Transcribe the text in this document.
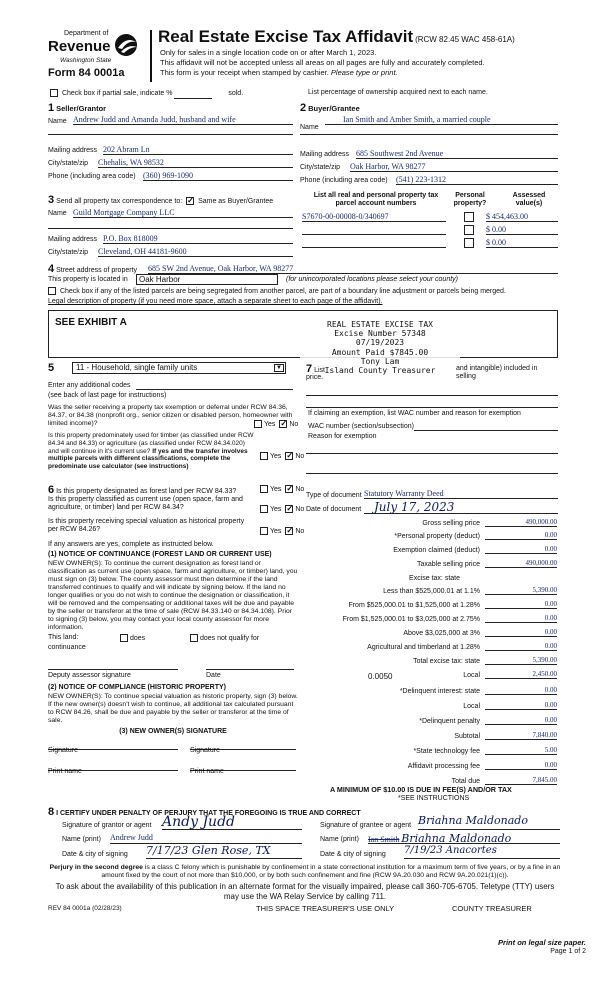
Department of
Revenue
Washington State
Form 84 0001a
Real Estate Excise Tax Affidavit (RCW 82.45 WAC 458-61A)
Only for sales in a single location code on or after March 1, 2023.
This affidavit will not be accepted unless all areas on all pages are fully and accurately completed.
This form is your receipt when stamped by cashier. Please type or print.
Check box if partial sale, indicate %	sold.	List percentage of ownership acquired next to each name.
1 Seller/Grantor
Name Andrew Judd and Amanda Judd, husband and wife
Mailing address 202 Abram Ln
City/state/zip Chehalis, WA 98532
Phone (including area code) (360) 969-1090
2 Buyer/Grantee
Name
Ian Smith and Amber Smith, a married couple
Mailing address 685 Southwest 2nd Avenue
City/state/zip Oak Harbor, WA 98277
Phone (including area code) (541) 223-1312
3 Send all property tax correspondence to: ✓ Same as Buyer/Grantee
Name Guild Mortgage Company LLC
Mailing address P.O. Box 818009
City/state/zip Cleveland, OH 44181-9600
List all real and personal property tax parcel account numbers
Personal property?
Assessed value(s)
S7670-00-00008-0/340697	$ 454,463.00
$ 0.00
$ 0.00
4 Street address of property 685 SW 2nd Avenue, Oak Harbor, WA 98277
This property is located in	Oak Harbor	(for unincorporated locations please select your county)
Check box if any of the listed parcels are being segregated from another parcel, are part of a boundary line adjustment or parcels being merged.
Legal description of property (if you need more space, attach a separate sheet to each page of the affidavit).
SEE EXHIBIT A	REAL ESTATE EXCISE TAX
Excise Number 57348
07/19/2023
Amount Paid $7845.00
Tony Lam
Island County Treasurer
5	11 - Household, single family units	▼
Enter any additional codes
(see back of last page for instructions)
Was the seller receiving a property tax exemption or deferral under RCW 84.36, 84.37, or 84.38 (nonprofit org., senior citizen or disabled person, homeowner with limited income)?	Yes ✓ No
Is this property predominately used for timber (as classified under RCW 84.34 and 84.33) or agriculture (as classified under RCW 84.34.020) and will continue in it's current use? If yes and the transfer involves multiple parcels with different classifications, complete the predominate use calculator (see instructions)
Yes ✓ No
7 List	and intangible) included in selling
price.
If claiming an exemption, list WAC number and reason for exemption
WAC number (section/subsection)
Reason for exemption
6 Is this property designated as forest land per RCW 84.33?	Yes ✓ No
Is this property classified as current use (open space, farm and agriculture, or timber) land per RCW 84.34?	Yes ✓ No
Is this property receiving special valuation as historical property per RCW 84.26?	Yes ✓ No
If any answers are yes, complete as instructed below.
(1) NOTICE OF CONTINUANCE (FOREST LAND OR CURRENT USE)
NEW OWNER(S): To continue the current designation as forest land or classification as current use (open space, farm and agriculture, or timber) land, you must sign on (3) below. The county assessor must then determine if the land transferred continues to qualify and will indicate by signing below. If the land no longer qualifies or you do not wish to continue the designation or classification, it will be removed and the compensating or additional taxes will be due and payable by the seller or transferor at the time of sale (RCW 84.33.140 or 84.34.108). Prior to signing (3) below, you may contact your local county assessor for more information.
This land:	does	does not qualify for
continuance
Deputy assessor signature	Date
(2) NOTICE OF COMPLIANCE (HISTORIC PROPERTY)
NEW OWNER(S): To continue special valuation as historic property, sign (3) below. If the new owner(s) doesn't wish to continue, all additional tax calculated pursuant to RCW 84.26, shall be due and payable by the seller or transferor at the time of sale.
(3) NEW OWNER(S) SIGNATURE
Signature	Signature
Print name	Print name
Type of document Statutory Warranty Deed
Date of document	July 17, 2023
Gross selling price	490,000.00
*Personal property (deduct)	0.00
Exemption claimed (deduct)	0.00
Taxable selling price	490,000.00
Excise tax: state
Less than $525,000.01 at 1.1%	5,390.00
From $525,000.01 to $1,525,000 at 1.28%	0.00
From $1,525,000.01 to $3,025,000 at 2.75%	0.00
Above $3,025,000 at 3%	0.00
Agricultural and timberland at 1.28%	0.00
Total excise tax: state	5,390.00
0.0050	Local	2,450.00
*Delinquent interest: state	0.00
Local	0.00
*Delinquent penalty	0.00
Subtotal	7,840.00
*State technology fee	5.00
Affidavit processing fee	0.00
Total due	7,845.00
A MINIMUM OF $10.00 IS DUE IN FEE(S) AND/OR TAX
*SEE INSTRUCTIONS
8 I CERTIFY UNDER PENALTY OF PERJURY THAT THE FOREGOING IS TRUE AND CORRECT
Signature of grantor or agent Andy Judd
Name (print) Andrew Judd
Date & city of signing 7/17/23 Glen Rose, TX
Signature of grantee or agent Briahna Maldonado
Name (print) Ian Smith Briahna Maldonado
Date & city of signing 7/19/23 Anacortes
Perjury in the second degree is a class C felony which is punishable by confinement in a state correctional institution for a maximum term of five years, or by a fine in an amount fixed by the court of not more than $10,000, or by both such confinement and fine (RCW 9A.20.030 and RCW 9A.20.021(1)(c)).
To ask about the availability of this publication in an alternate format for the visually impaired, please call 360-705-6705. Teletype (TTY) users may use the WA Relay Service by calling 711.
REV 84 0001a (02/28/23)	THIS SPACE TREASURER'S USE ONLY	COUNTY TREASURER
Print on legal size paper.
Page 1 of 2
